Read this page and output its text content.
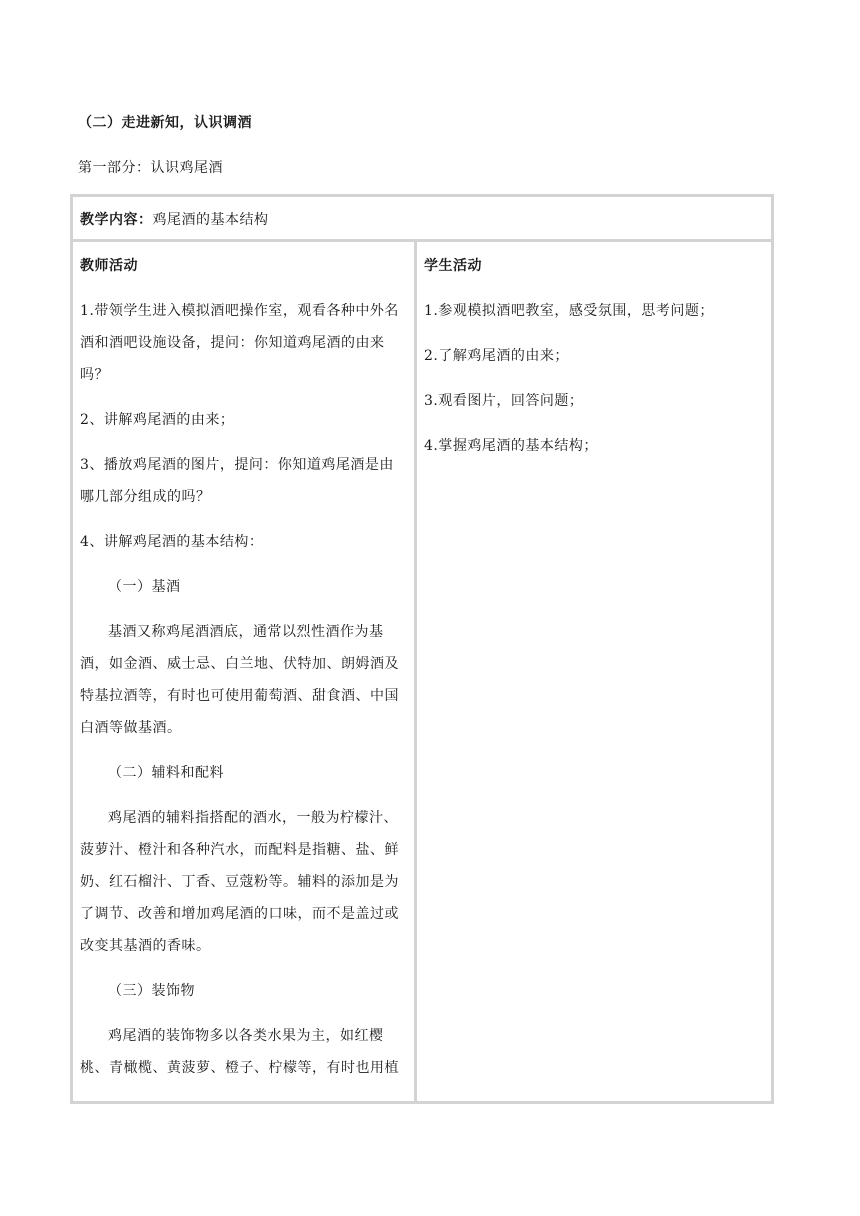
（二）走进新知，认识调酒
第一部分：认识鸡尾酒
教学内容：鸡尾酒的基本结构

教师活动

1.带领学生进入模拟酒吧操作室，观看各种中外名酒和酒吧设施设备，提问：你知道鸡尾酒的由来吗？

2、讲解鸡尾酒的由来；

3、播放鸡尾酒的图片，提问：你知道鸡尾酒是由哪几部分组成的吗？

4、讲解鸡尾酒的基本结构：

（一）基酒

基酒又称鸡尾酒酒底，通常以烈性酒作为基酒，如金酒、威士忌、白兰地、伏特加、朗姆酒及特基拉酒等，有时也可使用葡萄酒、甜食酒、中国白酒等做基酒。

（二）辅料和配料

鸡尾酒的辅料指搭配的酒水，一般为柠檬汁、菠萝汁、橙汁和各种汽水，而配料是指糖、盐、鲜奶、红石榴汁、丁香、豆蔻粉等。辅料的添加是为了调节、改善和增加鸡尾酒的口味，而不是盖过或改变其基酒的香味。

（三）装饰物

鸡尾酒的装饰物多以各类水果为主，如红樱桃、青橄榄、黄菠萝、橙子、柠檬等，有时也用植

学生活动

1.参观模拟酒吧教室，感受氛围，思考问题；

2.了解鸡尾酒的由来；

3.观看图片，回答问题；

4.掌握鸡尾酒的基本结构；
